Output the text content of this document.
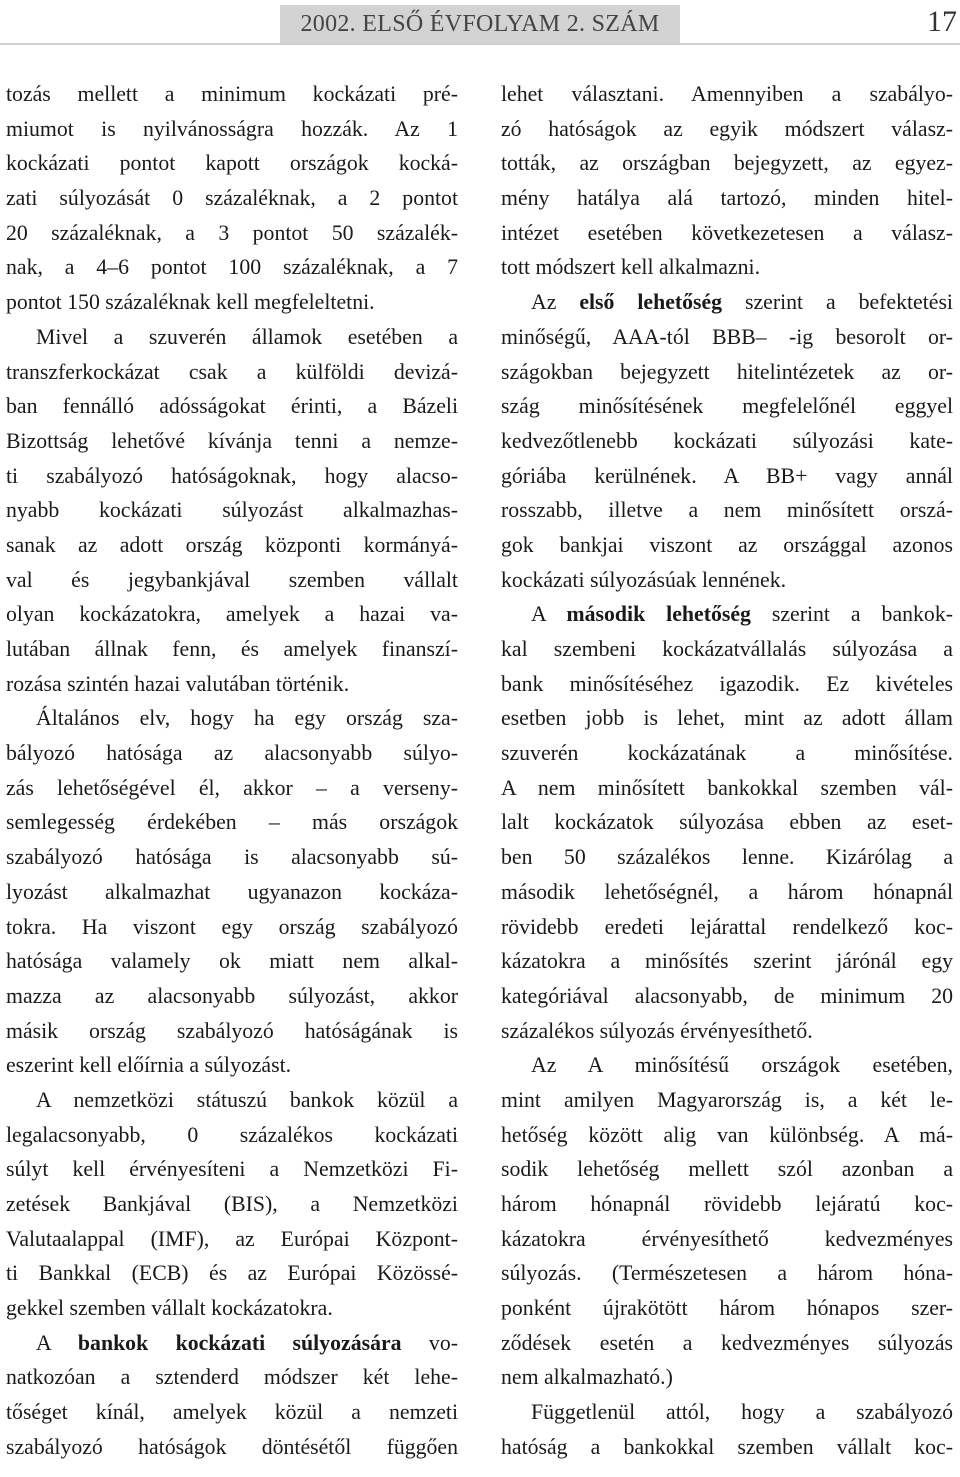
2002. ELSŐ ÉVFOLYAM 2. SZÁM	17
tozás mellett a minimum kockázati pré-
miumot is nyilvánosságra hozzák. Az 1
kockázati pontot kapott országok kocká-
zati súlyozását 0 százaléknak, a 2 pontot
20 százaléknak, a 3 pontot 50 százalék-
nak, a 4–6 pontot 100 százaléknak, a 7
pontot 150 százaléknak kell megfeleltetni.
Mivel a szuverén államok esetében a
transzferkockázat csak a külföldi devizá-
ban fennálló adósságokat érinti, a Bázeli
Bizottság lehetővé kívánja tenni a nemze-
ti szabályozó hatóságoknak, hogy alacso-
nyabb kockázati súlyozást alkalmazhas-
sanak az adott ország központi kormányá-
val és jegybankjával szemben vállalt
olyan kockázatokra, amelyek a hazai va-
lutában állnak fenn, és amelyek finanszí-
rozása szintén hazai valutában történik.
Általános elv, hogy ha egy ország sza-
bályozó hatósága az alacsonyabb súlyo-
zás lehetőségével él, akkor – a verseny-
semlegesség érdekében – más országok
szabályozó hatósága is alacsonyabb sú-
lyozást alkalmazhat ugyanazon kockáza-
tokra. Ha viszont egy ország szabályozó
hatósága valamely ok miatt nem alkal-
mazza az alacsonyabb súlyozást, akkor
másik ország szabályozó hatóságának is
eszerint kell előírnia a súlyozást.
A nemzetközi státuszú bankok közül a
legalacsonyabb, 0 százalékos kockázati
súlyt kell érvényesíteni a Nemzetközi Fi-
zetések Bankjával (BIS), a Nemzetközi
Valutaalappal (IMF), az Európai Központ-
ti Bankkal (ECB) és az Európai Közössé-
gekkel szemben vállalt kockázatokra.
A bankok kockázati súlyozására vo-
natkozóan a sztenderd módszer két lehe-
tőséget kínál, amelyek közül a nemzeti
szabályozó hatóságok döntésétől függően
lehet választani. Amennyiben a szabályo-
zó hatóságok az egyik módszert válasz-
tották, az országban bejegyzett, az egyez-
mény hatálya alá tartozó, minden hitel-
intézet esetében következetesen a válasz-
tott módszert kell alkalmazni.
Az első lehetőség szerint a befektetési
minőségű, AAA-tól BBB– -ig besorolt or-
szágokban bejegyzett hitelintézetek az or-
szág minősítésének megfelelőnél eggyel
kedvezőtlenebb kockázati súlyozási kate-
góriába kerülnének. A BB+ vagy annál
rosszabb, illetve a nem minősített orszá-
gok bankjai viszont az országgal azonos
kockázati súlyozásúak lennének.
A második lehetőség szerint a bankok-
kal szembeni kockázatvállalás súlyozása a
bank minősítéséhez igazodik. Ez kivételes
esetben jobb is lehet, mint az adott állam
szuverén kockázatának a minősítése.
A nem minősített bankokkal szemben vál-
lalt kockázatok súlyozása ebben az eset-
ben 50 százalékos lenne. Kizárólag a
második lehetőségnél, a három hónapnál
rövidebb eredeti lejárattal rendelkező koc-
kázatokra a minősítés szerint járónál egy
kategóriával alacsonyabb, de minimum 20
százalékos súlyozás érvényesíthető.
Az A minősítésű országok esetében,
mint amilyen Magyarország is, a két le-
hetőség között alig van különbség. A má-
sodik lehetőség mellett szól azonban a
három hónapnál rövidebb lejáratú koc-
kázatokra érvényesíthető kedvezményes
súlyozás. (Természetesen a három hóna-
ponként újrakötött három hónapos szer-
ződések esetén a kedvezményes súlyozás
nem alkalmazható.)
Függetlenül attól, hogy a szabályozó
hatóság a bankokkal szemben vállalt koc-
